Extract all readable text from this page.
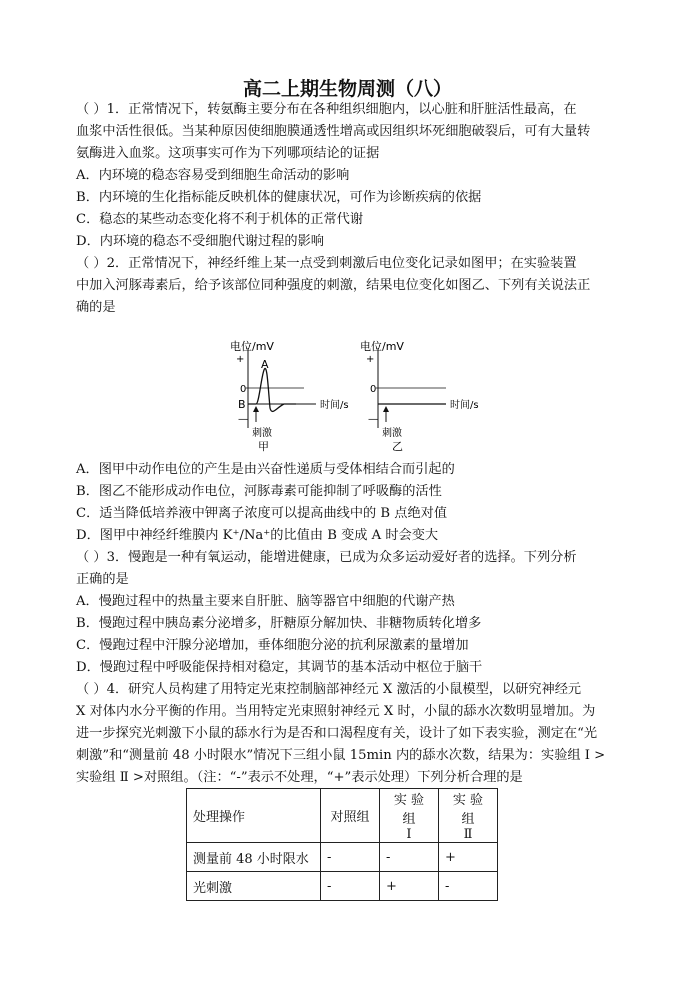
高二上期生物周测（八）
（ ）1．正常情况下，转氨酶主要分布在各种组织细胞内，以心脏和肝脏活性最高，在
血浆中活性很低。当某种原因使细胞膜通透性增高或因组织坏死细胞破裂后，可有大量转
氨酶进入血浆。这项事实可作为下列哪项结论的证据
A．内环境的稳态容易受到细胞生命活动的影响
B．内环境的生化指标能反映机体的健康状况，可作为诊断疾病的依据
C．稳态的某些动态变化将不利于机体的正常代谢
D．内环境的稳态不受细胞代谢过程的影响
（ ）2．正常情况下，神经纤维上某一点受到刺激后电位变化记录如图甲；在实验装置
中加入河豚毒素后，给予该部位同种强度的刺激，结果电位变化如图乙、下列有关说法正
确的是
电位/mV
+
0
B
A
—
刺激
时间/s
甲
电位/mV
+
0
—
刺激
时间/s
乙
A．图甲中动作电位的产生是由兴奋性递质与受体相结合而引起的
B．图乙不能形成动作电位，河豚毒素可能抑制了呼吸酶的活性
C．适当降低培养液中钾离子浓度可以提高曲线中的 B 点绝对值
D．图甲中神经纤维膜内 K⁺/Na⁺的比值由 B 变成 A 时会变大
（ ）3．慢跑是一种有氧运动，能增进健康，已成为众多运动爱好者的选择。下列分析
正确的是
A．慢跑过程中的热量主要来自肝脏、脑等器官中细胞的代谢产热
B．慢跑过程中胰岛素分泌增多，肝糖原分解加快、非糖物质转化增多
C．慢跑过程中汗腺分泌增加，垂体细胞分泌的抗利尿激素的量增加
D．慢跑过程中呼吸能保持相对稳定，其调节的基本活动中枢位于脑干
（ ）4．研究人员构建了用特定光束控制脑部神经元 X 激活的小鼠模型，以研究神经元
X 对体内水分平衡的作用。当用特定光束照射神经元 X 时，小鼠的舔水次数明显增加。为
进一步探究光刺激下小鼠的舔水行为是否和口渴程度有关，设计了如下表实验，测定在“光
刺激”和“测量前 48 小时限水”情况下三组小鼠 15min 内的舔水次数，结果为：实验组 Ⅰ >
实验组 Ⅱ >对照组。（注：“-”表示不处理，“+”表示处理）下列分析合理的是
处理操作	对照组	实 验 组
Ⅰ	实 验 组
Ⅱ
测量前 48 小时限水	-	-	+
光刺激	-	+	-
